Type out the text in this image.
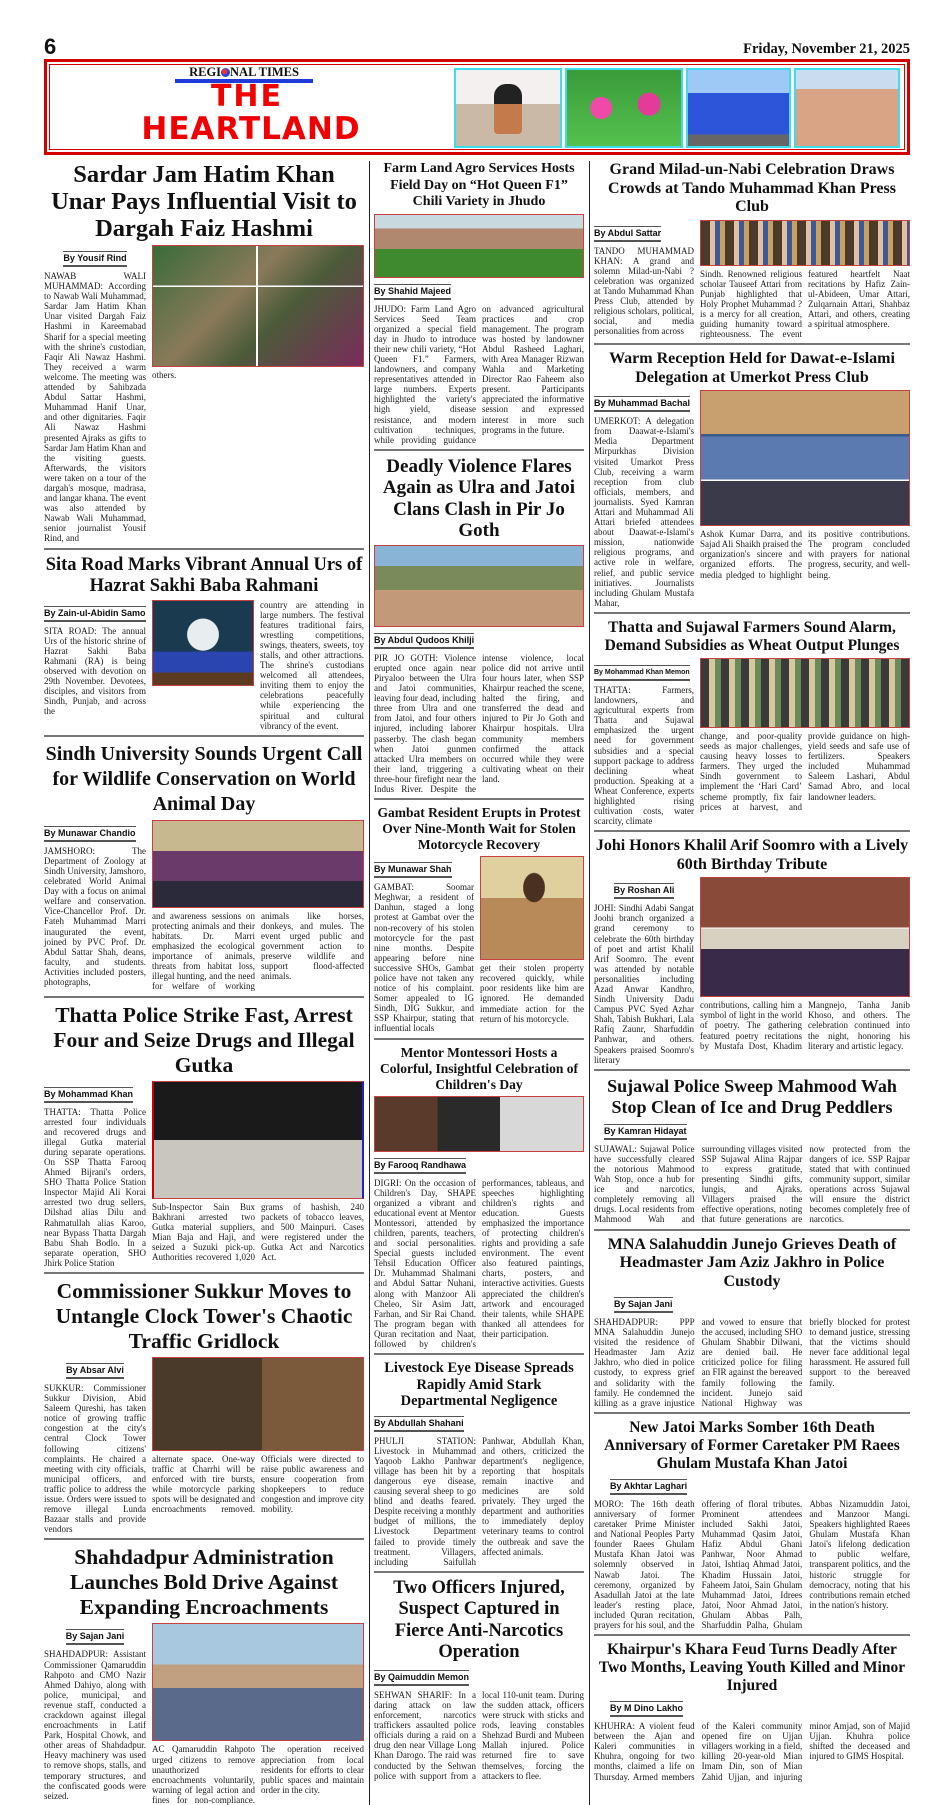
6	Friday, November 21, 2025
REGI NAL TIMES
THE
HEARTLAND
Sardar Jam Hatim Khan Unar Pays Influential Visit to Dargah Faiz Hashmi
By Yousif Rind
NAWAB WALI MUHAMMAD: According to Nawab Wali Muhammad, Sardar Jam Hatim Khan Unar visited Dargah Faiz Hashmi in Kareemabad Sharif for a special meeting with the shrine's custodian, Faqir Ali Nawaz Hashmi. They received a warm welcome. The meeting was attended by Sahibzada Abdul Sattar Hashmi, Muhammad Hanif Unar, and other dignitaries. Faqir Ali Nawaz Hashmi presented Ajraks as gifts to Sardar Jam Hatim Khan and the visiting guests. Afterwards, the visitors were taken on a tour of the dargah's mosque, madrasa, and langar khana. The event was also attended by Nawab Wali Muhammad, senior journalist Yousif Rind, and
others.
Sita Road Marks Vibrant Annual Urs of Hazrat Sakhi Baba Rahmani
By Zain-ul-Abidin Samo
SITA ROAD: The annual Urs of the historic shrine of Hazrat Sakhi Baba Rahmani (RA) is being observed with devotion on 29th November. Devotees, disciples, and visitors from Sindh, Punjab, and across the
country are attending in large numbers. The festival features traditional fairs, wrestling competitions, swings, theaters, sweets, toy stalls, and other attractions. The shrine's custodians welcomed all attendees, inviting them to enjoy the celebrations peacefully while experiencing the spiritual and cultural vibrancy of the event.
Sindh University Sounds Urgent Call for Wildlife Conservation on World Animal Day
By Munawar Chandio
JAMSHORO: The Department of Zoology at Sindh University, Jamshoro, celebrated World Animal Day with a focus on animal welfare and conservation. Vice-Chancellor Prof. Dr. Fateh Muhammad Marri inaugurated the event, joined by PVC Prof. Dr. Abdul Sattar Shah, deans, faculty, and students. Activities included posters, photographs,
and awareness sessions on protecting animals and their habitats. Dr. Marri emphasized the ecological importance of animals, threats from habitat loss, illegal hunting, and the need for welfare of working animals like horses, donkeys, and mules. The event urged public and government action to preserve wildlife and support flood-affected animals.
Thatta Police Strike Fast, Arrest Four and Seize Drugs and Illegal Gutka
By Mohammad Khan
THATTA: Thatta Police arrested four individuals and recovered drugs and illegal Gutka material during separate operations. On SSP Thatta Farooq Ahmed Bijrani's orders, SHO Thatta Police Station Inspector Majid Ali Korai arrested two drug sellers, Dilshad alias Dilu and Rahmatullah alias Karoo, near Bypass Thatta Dargah Babu Shah Bodlo. In a separate operation, SHO Jhirk Police Station
Sub-Inspector Sain Bux Bakhrani arrested two Gutka material suppliers, Mian Baja and Haji, and seized a Suzuki pick-up. Authorities recovered 1,020 grams of hashish, 240 packets of tobacco leaves, and 500 Mainpuri. Cases were registered under the Gutka Act and Narcotics Act.
Commissioner Sukkur Moves to Untangle Clock Tower's Chaotic Traffic Gridlock
By Absar Alvi
SUKKUR: Commissioner Sukkur Division, Abid Saleem Qureshi, has taken notice of growing traffic congestion at the city's central Clock Tower following citizens' complaints. He chaired a meeting with city officials, municipal officers, and traffic police to address the issue. Orders were issued to remove illegal Lunda Bazaar stalls and provide vendors
alternate space. One-way traffic at Charrhi will be enforced with tire bursts, while motorcycle parking spots will be designated and encroachments removed. Officials were directed to raise public awareness and ensure cooperation from shopkeepers to reduce congestion and improve city mobility.
Shahdadpur Administration Launches Bold Drive Against Expanding Encroachments
By Sajan Jani
SHAHDADPUR: Assistant Commissioner Qamaruddin Rahpoto and CMO Nazir Ahmed Dahiyo, along with police, municipal, and revenue staff, conducted a crackdown against illegal encroachments in Latif Park, Hospital Chowk, and other areas of Shahdadpur. Heavy machinery was used to remove shops, stalls, and temporary structures, and the confiscated goods were seized.
AC Qamaruddin Rahpoto urged citizens to remove unauthorized encroachments voluntarily, warning of legal action and fines for non-compliance. The operation received appreciation from local residents for efforts to clear public spaces and maintain order in the city.
Farm Land Agro Services Hosts Field Day on “Hot Queen F1” Chili Variety in Jhudo
By Shahid Majeed
JHUDO: Farm Land Agro Services Seed Team organized a special field day in Jhudo to introduce their new chili variety, “Hot Queen F1.” Farmers, landowners, and company representatives attended in large numbers. Experts highlighted the variety's high yield, disease resistance, and modern cultivation techniques, while providing guidance on advanced agricultural practices and crop management. The program was hosted by landowner Abdul Rasheed Laghari, with Area Manager Rizwan Wahla and Marketing Director Rao Faheem also present. Participants appreciated the informative session and expressed interest in more such programs in the future.
Deadly Violence Flares Again as Ulra and Jatoi Clans Clash in Pir Jo Goth
By Abdul Qudoos Khilji
PIR JO GOTH: Violence erupted once again near Piryaloo between the Ulra and Jatoi communities, leaving four dead, including three from Ulra and one from Jatoi, and four others injured, including laborer passerby. The clash began when Jatoi gunmen attacked Ulra members on their land, triggering a three-hour firefight near the Indus River. Despite the intense violence, local police did not arrive until four hours later, when SSP Khairpur reached the scene, halted the firing, and transferred the dead and injured to Pir Jo Goth and Khairpur hospitals. Ulra community members confirmed the attack occurred while they were cultivating wheat on their land.
Gambat Resident Erupts in Protest Over Nine-Month Wait for Stolen Motorcycle Recovery
By Munawar Shah
GAMBAT: Soomar Meghwar, a resident of Danhun, staged a long protest at Gambat over the non-recovery of his stolen motorcycle for the past nine months. Despite appearing before nine successive SHOs, Gambat police have not taken any notice of his complaint. Somer appealed to IG Sindh, DIG Sukkur, and SSP Khairpur, stating that influential locals
get their stolen property recovered quickly, while poor residents like him are ignored. He demanded immediate action for the return of his motorcycle.
Mentor Montessori Hosts a Colorful, Insightful Celebration of Children's Day
By Farooq Randhawa
DIGRI: On the occasion of Children's Day, SHAPE organized a vibrant and educational event at Mentor Montessori, attended by children, parents, teachers, and social personalities. Special guests included Tehsil Education Officer Dr. Muhammad Shalmani and Abdul Sattar Nuhani, along with Manzoor Ali Cheleo, Sir Asim Jatt, Farhan, and Sir Rai Chand. The program began with Quran recitation and Naat, followed by children's performances, tableaus, and speeches highlighting children's rights and education. Guests emphasized the importance of protecting children's rights and providing a safe environment. The event also featured paintings, charts, posters, and interactive activities. Guests appreciated the children's artwork and encouraged their talents, while SHAPE thanked all attendees for their participation.
Livestock Eye Disease Spreads Rapidly Amid Stark Departmental Negligence
By Abdullah Shahani
PHULJI STATION: Livestock in Muhammad Yaqoob Lakho Panhwar village has been hit by a dangerous eye disease, causing several sheep to go blind and deaths feared. Despite receiving a monthly budget of millions, the Livestock Department failed to provide timely treatment. Villagers, including Saifullah Panhwar, Abdullah Khan, and others, criticized the department's negligence, reporting that hospitals remain inactive and medicines are sold privately. They urged the department and authorities to immediately deploy veterinary teams to control the outbreak and save the affected animals.
Two Officers Injured, Suspect Captured in Fierce Anti-Narcotics Operation
By Qaimuddin Memon
SEHWAN SHARIF: In a daring attack on law enforcement, narcotics traffickers assaulted police officials during a raid on a drug den near Village Long Khan Darogo. The raid was conducted by the Sehwan police with support from a local 110-unit team. During the sudden attack, officers were struck with sticks and rods, leaving constables Shehzad Burdi and Mubeen Mallah injured. Police returned fire to save themselves, forcing the attackers to flee.
Grand Milad-un-Nabi Celebration Draws Crowds at Tando Muhammad Khan Press Club
By Abdul Sattar
TANDO MUHAMMAD KHAN: A grand and solemn Milad-un-Nabi ? celebration was organized at Tando Muhammad Khan Press Club, attended by religious scholars, political, social, and media personalities from across
Sindh. Renowned religious scholar Tauseef Attari from Punjab highlighted that Holy Prophet Muhammad ? is a mercy for all creation, guiding humanity toward righteousness. The event featured heartfelt Naat recitations by Hafiz Zain-ul-Abideen, Umar Attari, Zulqarnain Attari, Shahbaz Attari, and others, creating a spiritual atmosphere.
Warm Reception Held for Dawat-e-Islami Delegation at Umerkot Press Club
By Muhammad Bachal
UMERKOT: A delegation from Daawat-e-Islami's Media Department Mirpurkhas Division visited Umarkot Press Club, receiving a warm reception from club officials, members, and journalists. Syed Kamran Attari and Muhammad Ali Attari briefed attendees about Daawat-e-Islami's mission, nationwide religious programs, and active role in welfare, relief, and public service initiatives. Journalists including Ghulam Mustafa Mahar,
Ashok Kumar Darra, and Sajad Ali Shaikh praised the organization's sincere and organized efforts. The media pledged to highlight its positive contributions. The program concluded with prayers for national progress, security, and well-being.
Thatta and Sujawal Farmers Sound Alarm, Demand Subsidies as Wheat Output Plunges
By Mohammad Khan Memon
THATTA: Farmers, landowners, and agricultural experts from Thatta and Sujawal emphasized the urgent need for government subsidies and a special support package to address declining wheat production. Speaking at a Wheat Conference, experts highlighted rising cultivation costs, water scarcity, climate
change, and poor-quality seeds as major challenges, causing heavy losses to farmers. They urged the Sindh government to implement the ‘Hari Card’ scheme promptly, fix fair prices at harvest, and provide guidance on high-yield seeds and safe use of fertilizers. Speakers included Muhammad Saleem Lashari, Abdul Samad Abro, and local landowner leaders.
Johi Honors Khalil Arif Soomro with a Lively 60th Birthday Tribute
By Roshan Ali
JOHI: Sindhi Adabi Sangat Joohi branch organized a grand ceremony to celebrate the 60th birthday of poet and artist Khalil Arif Soomro. The event was attended by notable personalities including Azad Anwar Kandhro, Sindh University Dadu Campus PVC Syed Azhar Shah, Tabish Bukhari, Lala Rafiq Zaunr, Sharfuddin Panhwar, and others. Speakers praised Soomro's literary
contributions, calling him a symbol of light in the world of poetry. The gathering featured poetry recitations by Mustafa Dost, Khadim Mangnejo, Tanha Janib Khoso, and others. The celebration continued into the night, honoring his literary and artistic legacy.
Sujawal Police Sweep Mahmood Wah Stop Clean of Ice and Drug Peddlers
By Kamran Hidayat
SUJAWAL: Sujawal Police have successfully cleared the notorious Mahmood Wah Stop, once a hub for ice and narcotics, completely removing all drugs. Local residents from Mahmood Wah and surrounding villages visited SSP Sujawal Alina Rajpar to express gratitude, presenting Sindhi gifts, lungis, and Ajraks. Villagers praised the effective operations, noting that future generations are now protected from the dangers of ice. SSP Rajpar stated that with continued community support, similar operations across Sujawal will ensure the district becomes completely free of narcotics.
MNA Salahuddin Junejo Grieves Death of Headmaster Jam Aziz Jakhro in Police Custody
By Sajan Jani
SHAHDADPUR: PPP MNA Salahuddin Junejo visited the residence of Headmaster Jam Aziz Jakhro, who died in police custody, to express grief and solidarity with the family. He condemned the killing as a grave injustice and vowed to ensure that the accused, including SHO Ghulam Shabbir Dilwani, are denied bail. He criticized police for filing an FIR against the bereaved family following the incident. Junejo said National Highway was briefly blocked for protest to demand justice, stressing that the victims should never face additional legal harassment. He assured full support to the bereaved family.
New Jatoi Marks Somber 16th Death Anniversary of Former Caretaker PM Raees Ghulam Mustafa Khan Jatoi
By Akhtar Laghari
MORO: The 16th death anniversary of former caretaker Prime Minister and National Peoples Party founder Raees Ghulam Mustafa Khan Jatoi was solemnly observed in Nawab Jatoi. The ceremony, organized by Asadullah Jatoi at the late leader's resting place, included Quran recitation, prayers for his soul, and the offering of floral tributes. Prominent attendees included Sakhi Jatoi, Muhammad Qasim Jatoi, Hafiz Abdul Ghani Panhwar, Noor Ahmad Jatoi, Ishtiaq Ahmad Jatoi, Khadim Hussain Jatoi, Faheem Jatoi, Sain Ghulam Muhammad Jatoi, Idrees Jatoi, Noor Ahmad Jatoi, Ghulam Abbas Palh, Sharfuddin Palha, Ghulam Abbas Nizamuddin Jatoi, and Manzoor Mangi. Speakers highlighted Raees Ghulam Mustafa Khan Jatoi's lifelong dedication to public welfare, transparent politics, and the historic struggle for democracy, noting that his contributions remain etched in the nation's history.
Khairpur's Khara Feud Turns Deadly After Two Months, Leaving Youth Killed and Minor Injured
By M Dino Lakho
KHUHRA: A violent feud between the Ajan and Kaleri communities in Khuhra, ongoing for two months, claimed a life on Thursday. Armed members of the Kaleri community opened fire on Ujjan villagers working in a field, killing 20-year-old Mian Imam Din, son of Mian Zahid Ujjan, and injuring minor Amjad, son of Majid Ujjan. Khuhra police shifted the deceased and injured to GIMS Hospital.
